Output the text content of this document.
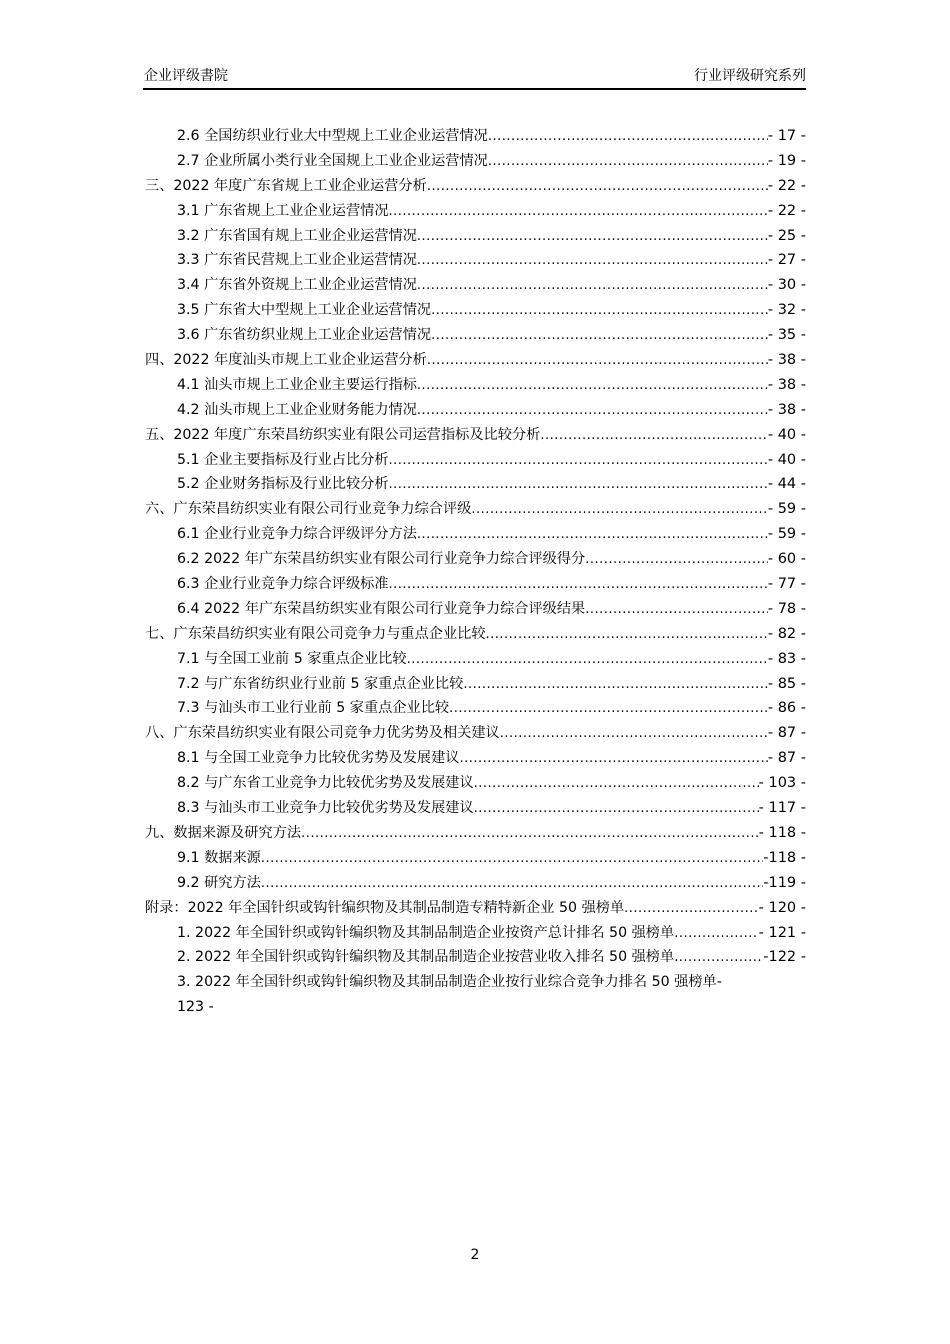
企业评级書院	行业评级研究系列
2.6 全国纺织业行业大中型规上工业企业运营情况 .....	- 17 -
2.7 企业所属小类行业全国规上工业企业运营情况 .....	- 19 -
三、2022 年度广东省规上工业企业运营分析 .....	- 22 -
3.1 广东省规上工业企业运营情况 .....	- 22 -
3.2 广东省国有规上工业企业运营情况 .....	- 25 -
3.3 广东省民营规上工业企业运营情况 .....	- 27 -
3.4 广东省外资规上工业企业运营情况 .....	- 30 -
3.5 广东省大中型规上工业企业运营情况 .....	- 32 -
3.6 广东省纺织业规上工业企业运营情况 .....	- 35 -
四、2022 年度汕头市规上工业企业运营分析 .....	- 38 -
4.1 汕头市规上工业企业主要运行指标 .....	- 38 -
4.2 汕头市规上工业企业财务能力情况 .....	- 38 -
五、2022 年度广东荣昌纺织实业有限公司运营指标及比较分析 .....	- 40 -
5.1 企业主要指标及行业占比分析 .....	- 40 -
5.2 企业财务指标及行业比较分析 .....	- 44 -
六、广东荣昌纺织实业有限公司行业竞争力综合评级 .....	- 59 -
6.1 企业行业竞争力综合评级评分方法 .....	- 59 -
6.2 2022 年广东荣昌纺织实业有限公司行业竞争力综合评级得分 .....	- 60 -
6.3 企业行业竞争力综合评级标准 .....	- 77 -
6.4 2022 年广东荣昌纺织实业有限公司行业竞争力综合评级结果 .....	- 78 -
七、广东荣昌纺织实业有限公司竞争力与重点企业比较 .....	- 82 -
7.1 与全国工业前 5 家重点企业比较 .....	- 83 -
7.2 与广东省纺织业行业前 5 家重点企业比较 .....	- 85 -
7.3 与汕头市工业行业前 5 家重点企业比较 .....	- 86 -
八、广东荣昌纺织实业有限公司竞争力优劣势及相关建议 .....	- 87 -
8.1 与全国工业竞争力比较优劣势及发展建议 .....	- 87 -
8.2 与广东省工业竞争力比较优劣势及发展建议 .....	- 103 -
8.3 与汕头市工业竞争力比较优劣势及发展建议 .....	- 117 -
九、数据来源及研究方法 .....	- 118 -
9.1 数据来源 .....	-118 -
9.2 研究方法 .....	-119 -
附录：2022 年全国针织或钩针编织物及其制品制造专精特新企业 50 强榜单 .....	- 120 -
1. 2022 年全国针织或钩针编织物及其制品制造企业按资产总计排名 50 强榜单 .....	- 121 -
2. 2022 年全国针织或钩针编织物及其制品制造企业按营业收入排名 50 强榜单. .....	-122 -
3. 2022 年全国针织或钩针编织物及其制品制造企业按行业综合竞争力排名 50 强榜单-
123 -
2
